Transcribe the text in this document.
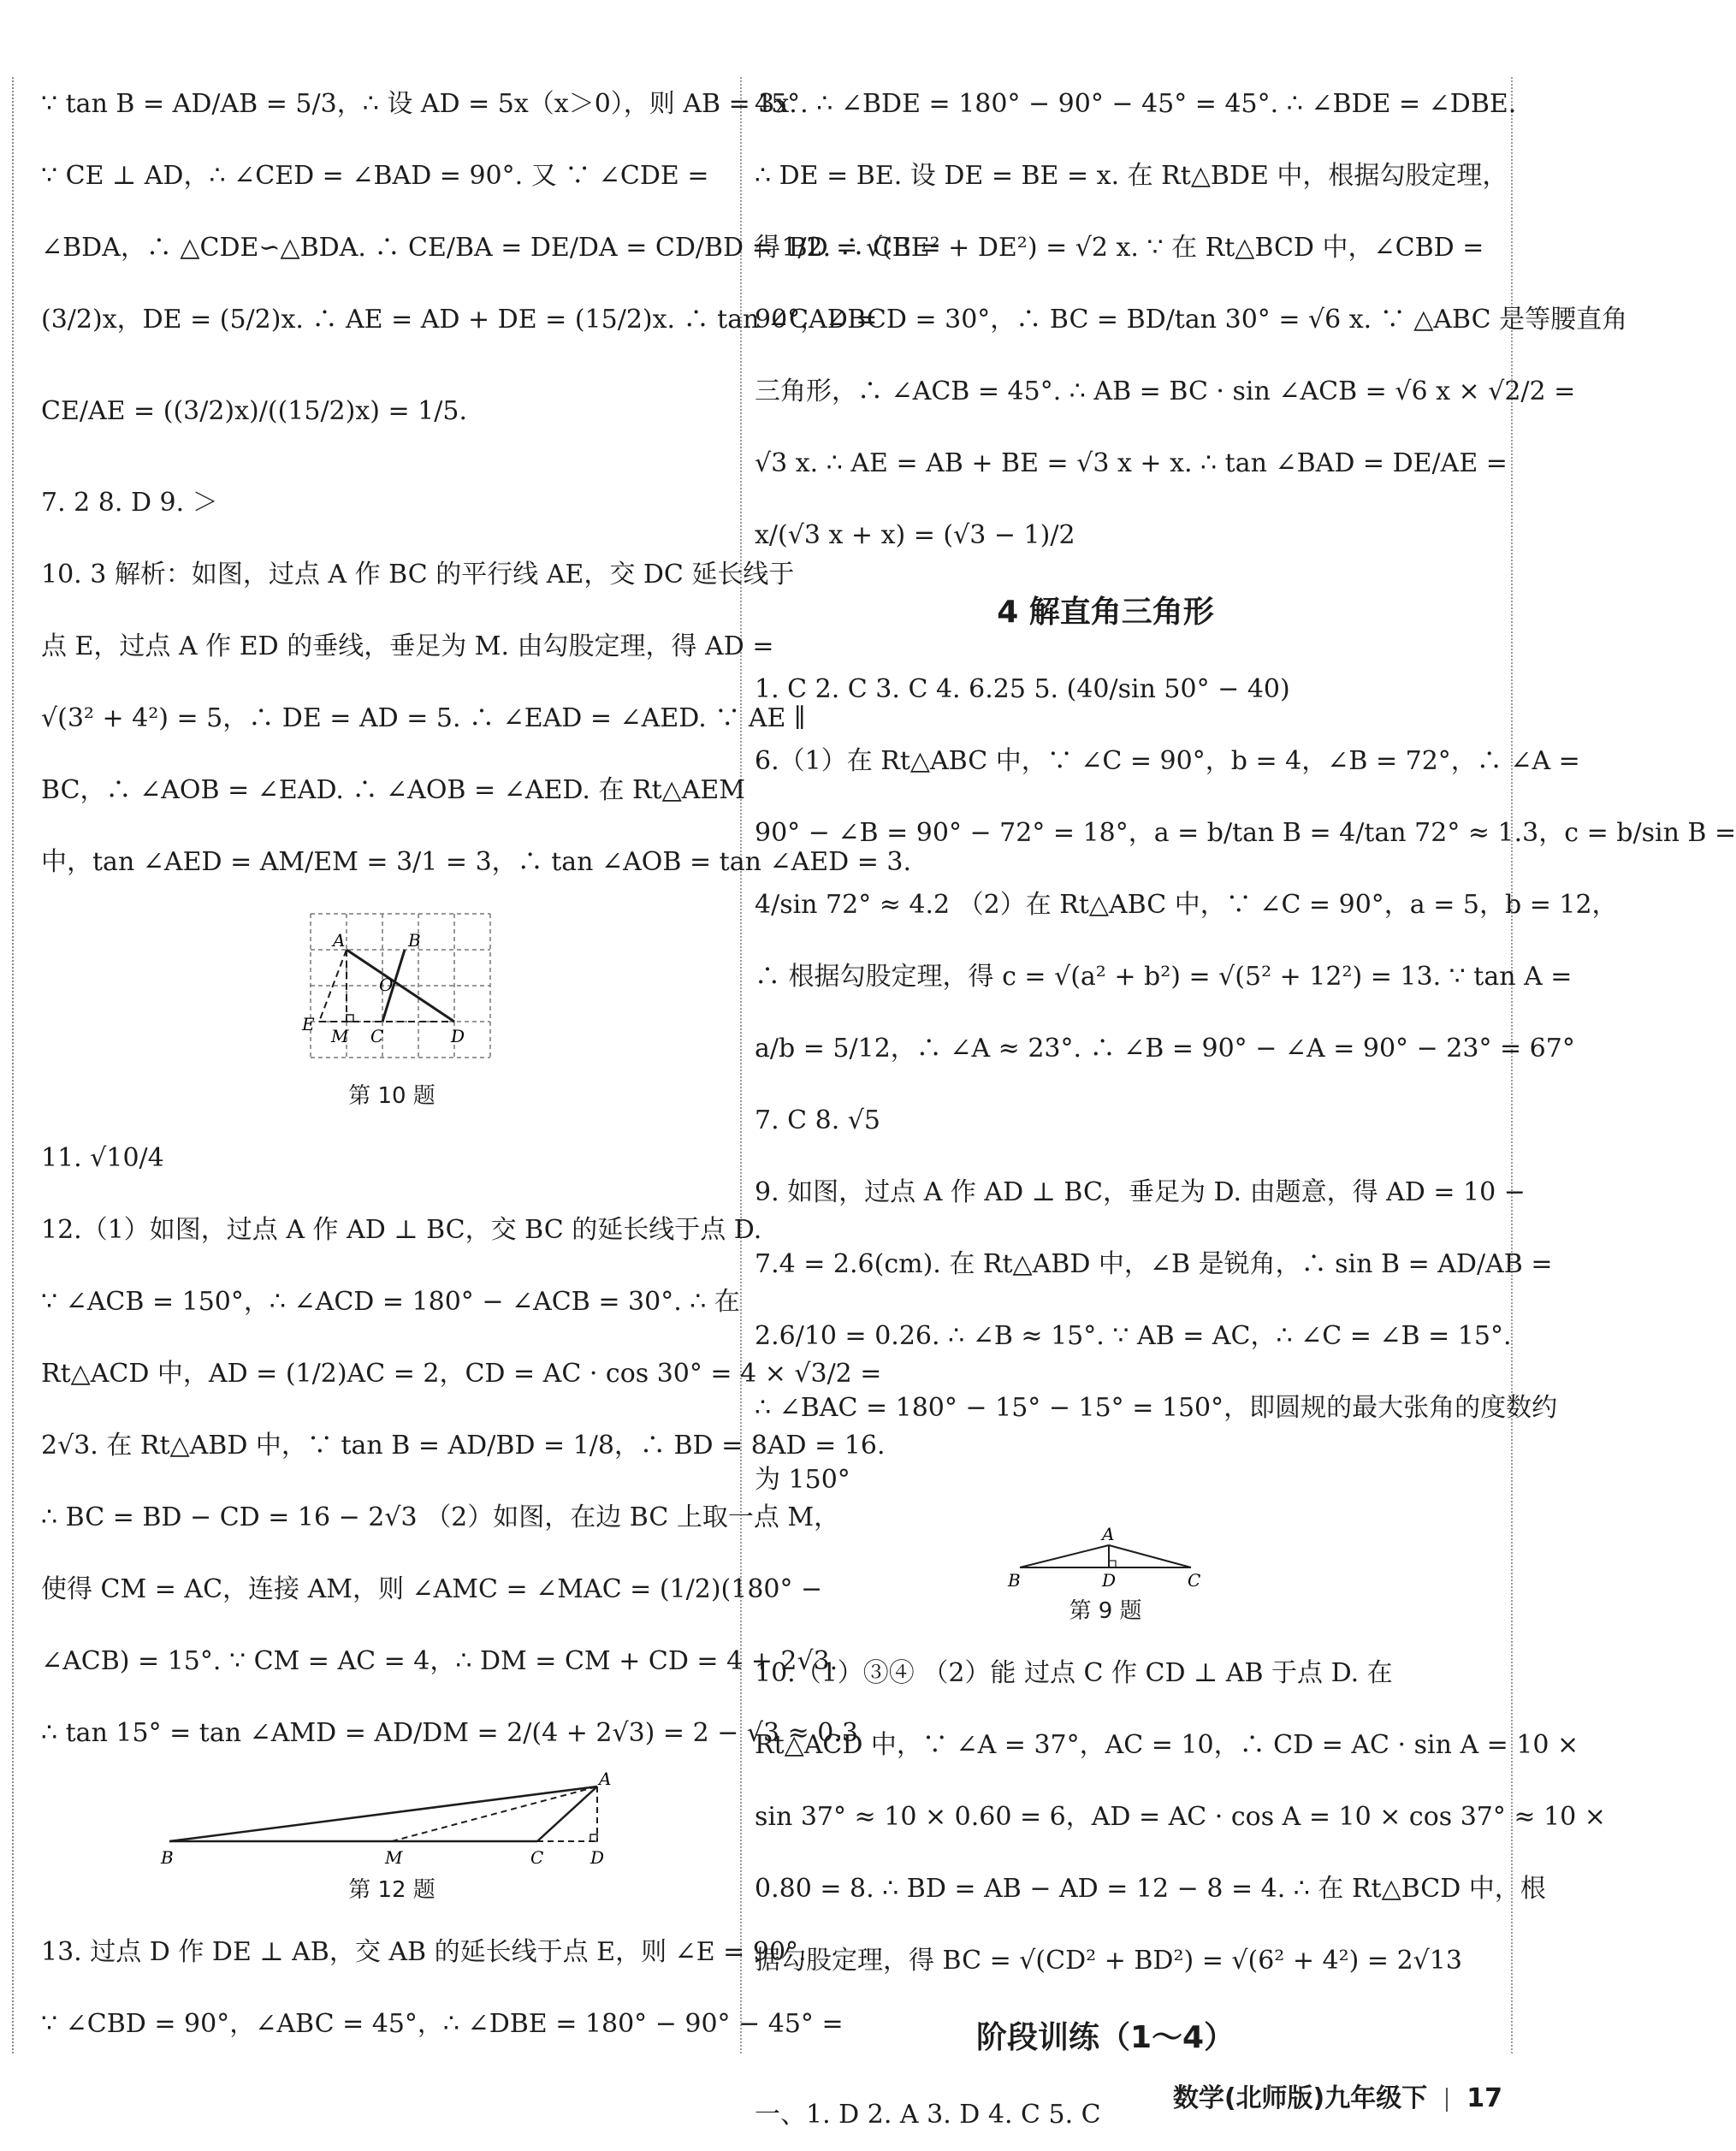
∵ tan B = AD/AB = 5/3，∴ 设 AD = 5x（x＞0），则 AB = 3x.

∵ CE ⊥ AD，∴ ∠CED = ∠BAD = 90°. 又 ∵ ∠CDE =

∠BDA，∴ △CDE∽△BDA. ∴ CE/BA = DE/DA = CD/BD = 1/2. ∴ CE =

(3/2)x，DE = (5/2)x. ∴ AE = AD + DE = (15/2)x. ∴ tan ∠CAD =

CE/AE = ((3/2)x)/((15/2)x) = 1/5.

7. 2 8. D 9. ＞

10. 3 解析：如图，过点 A 作 BC 的平行线 AE，交 DC 延长线于

点 E，过点 A 作 ED 的垂线，垂足为 M. 由勾股定理，得 AD =

√(3² + 4²) = 5，∴ DE = AD = 5. ∴ ∠EAD = ∠AED. ∵ AE ∥

BC，∴ ∠AOB = ∠EAD. ∴ ∠AOB = ∠AED. 在 Rt△AEM

中，tan ∠AED = AM/EM = 3/1 = 3，∴ tan ∠AOB = tan ∠AED = 3.

A	B
O
E
M C	D
第 10 题

11. √10/4

12.（1）如图，过点 A 作 AD ⊥ BC，交 BC 的延长线于点 D.

∵ ∠ACB = 150°，∴ ∠ACD = 180° − ∠ACB = 30°. ∴ 在

Rt△ACD 中，AD = (1/2)AC = 2，CD = AC · cos 30° = 4 × √3/2 =

2√3. 在 Rt△ABD 中，∵ tan B = AD/BD = 1/8，∴ BD = 8AD = 16.

∴ BC = BD − CD = 16 − 2√3 （2）如图，在边 BC 上取一点 M，

使得 CM = AC，连接 AM，则 ∠AMC = ∠MAC = (1/2)(180° −

∠ACB) = 15°. ∵ CM = AC = 4，∴ DM = CM + CD = 4 + 2√3.

∴ tan 15° = tan ∠AMD = AD/DM = 2/(4 + 2√3) = 2 − √3 ≈ 0.3

A
B	M	C	D
第 12 题

13. 过点 D 作 DE ⊥ AB，交 AB 的延长线于点 E，则 ∠E = 90°.

∵ ∠CBD = 90°，∠ABC = 45°，∴ ∠DBE = 180° − 90° − 45° =

45°. ∴ ∠BDE = 180° − 90° − 45° = 45°. ∴ ∠BDE = ∠DBE.

∴ DE = BE. 设 DE = BE = x. 在 Rt△BDE 中，根据勾股定理，

得 BD = √(BE² + DE²) = √2 x. ∵ 在 Rt△BCD 中，∠CBD =

90°，∠BCD = 30°，∴ BC = BD/tan 30° = √6 x. ∵ △ABC 是等腰直角

三角形，∴ ∠ACB = 45°. ∴ AB = BC · sin ∠ACB = √6 x × √2/2 =

√3 x. ∴ AE = AB + BE = √3 x + x. ∴ tan ∠BAD = DE/AE =

x/(√3 x + x) = (√3 − 1)/2

4 解直角三角形

1. C 2. C 3. C 4. 6.25 5. (40/sin 50° − 40)

6.（1）在 Rt△ABC 中，∵ ∠C = 90°，b = 4，∠B = 72°，∴ ∠A =

90° − ∠B = 90° − 72° = 18°，a = b/tan B = 4/tan 72° ≈ 1.3，c = b/sin B =

4/sin 72° ≈ 4.2 （2）在 Rt△ABC 中，∵ ∠C = 90°，a = 5，b = 12，

∴ 根据勾股定理，得 c = √(a² + b²) = √(5² + 12²) = 13. ∵ tan A =

a/b = 5/12，∴ ∠A ≈ 23°. ∴ ∠B = 90° − ∠A = 90° − 23° = 67°

7. C 8. √5

9. 如图，过点 A 作 AD ⊥ BC，垂足为 D. 由题意，得 AD = 10 −

7.4 = 2.6(cm). 在 Rt△ABD 中，∠B 是锐角，∴ sin B = AD/AB =

2.6/10 = 0.26. ∴ ∠B ≈ 15°. ∵ AB = AC，∴ ∠C = ∠B = 15°.

∴ ∠BAC = 180° − 15° − 15° = 150°，即圆规的最大张角的度数约

为 150°

A
B	D	C
第 9 题

10.（1）③④ （2）能 过点 C 作 CD ⊥ AB 于点 D. 在

Rt△ACD 中，∵ ∠A = 37°，AC = 10，∴ CD = AC · sin A = 10 ×

sin 37° ≈ 10 × 0.60 = 6，AD = AC · cos A = 10 × cos 37° ≈ 10 ×

0.80 = 8. ∴ BD = AB − AD = 12 − 8 = 4. ∴ 在 Rt△BCD 中，根

据勾股定理，得 BC = √(CD² + BD²) = √(6² + 4²) = 2√13

阶段训练（1～4）

一、1. D 2. A 3. D 4. C 5. C

数学(北师版)九年级下 17
